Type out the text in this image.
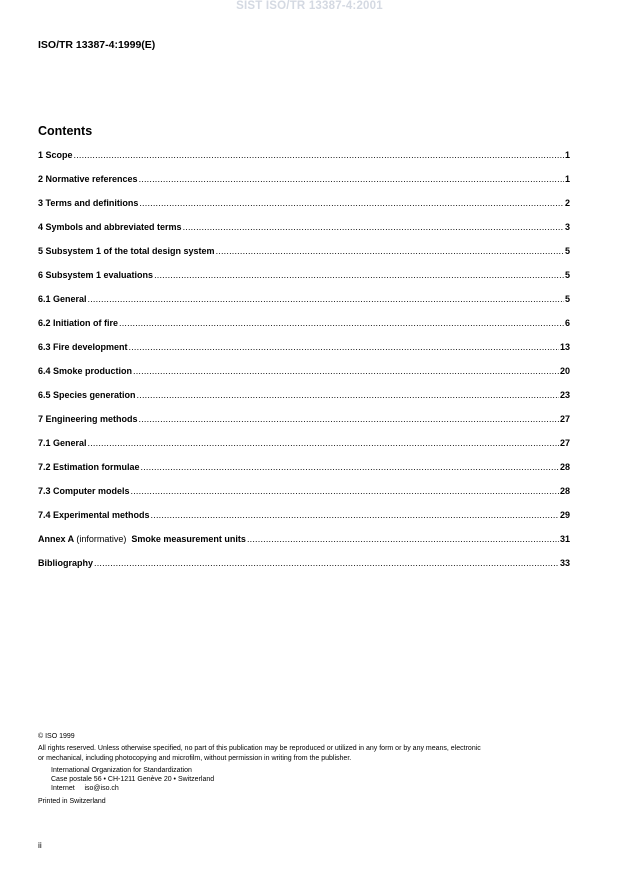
SIST ISO/TR 13387-4:2001
ISO/TR 13387-4:1999(E)
Contents
1 Scope .....	1
2 Normative references .....	1
3 Terms and definitions .....	2
4 Symbols and abbreviated terms .....	3
5 Subsystem 1 of the total design system .....	5
6 Subsystem 1 evaluations .....	5
6.1 General .....	5
6.2 Initiation of fire .....	6
6.3 Fire development .....	13
6.4 Smoke production .....	20
6.5 Species generation .....	23
7 Engineering methods .....	27
7.1 General .....	27
7.2 Estimation formulae .....	28
7.3 Computer models .....	28
7.4 Experimental methods .....	29
Annex A (informative) Smoke measurement units .....	31
Bibliography .....	33
© ISO 1999
All rights reserved. Unless otherwise specified, no part of this publication may be reproduced or utilized in any form or by any means, electronic
or mechanical, including photocopying and microfilm, without permission in writing from the publisher.
International Organization for Standardization
Case postale 56 • CH-1211 Genève 20 • Switzerland
Internet     iso@iso.ch
Printed in Switzerland
ii
